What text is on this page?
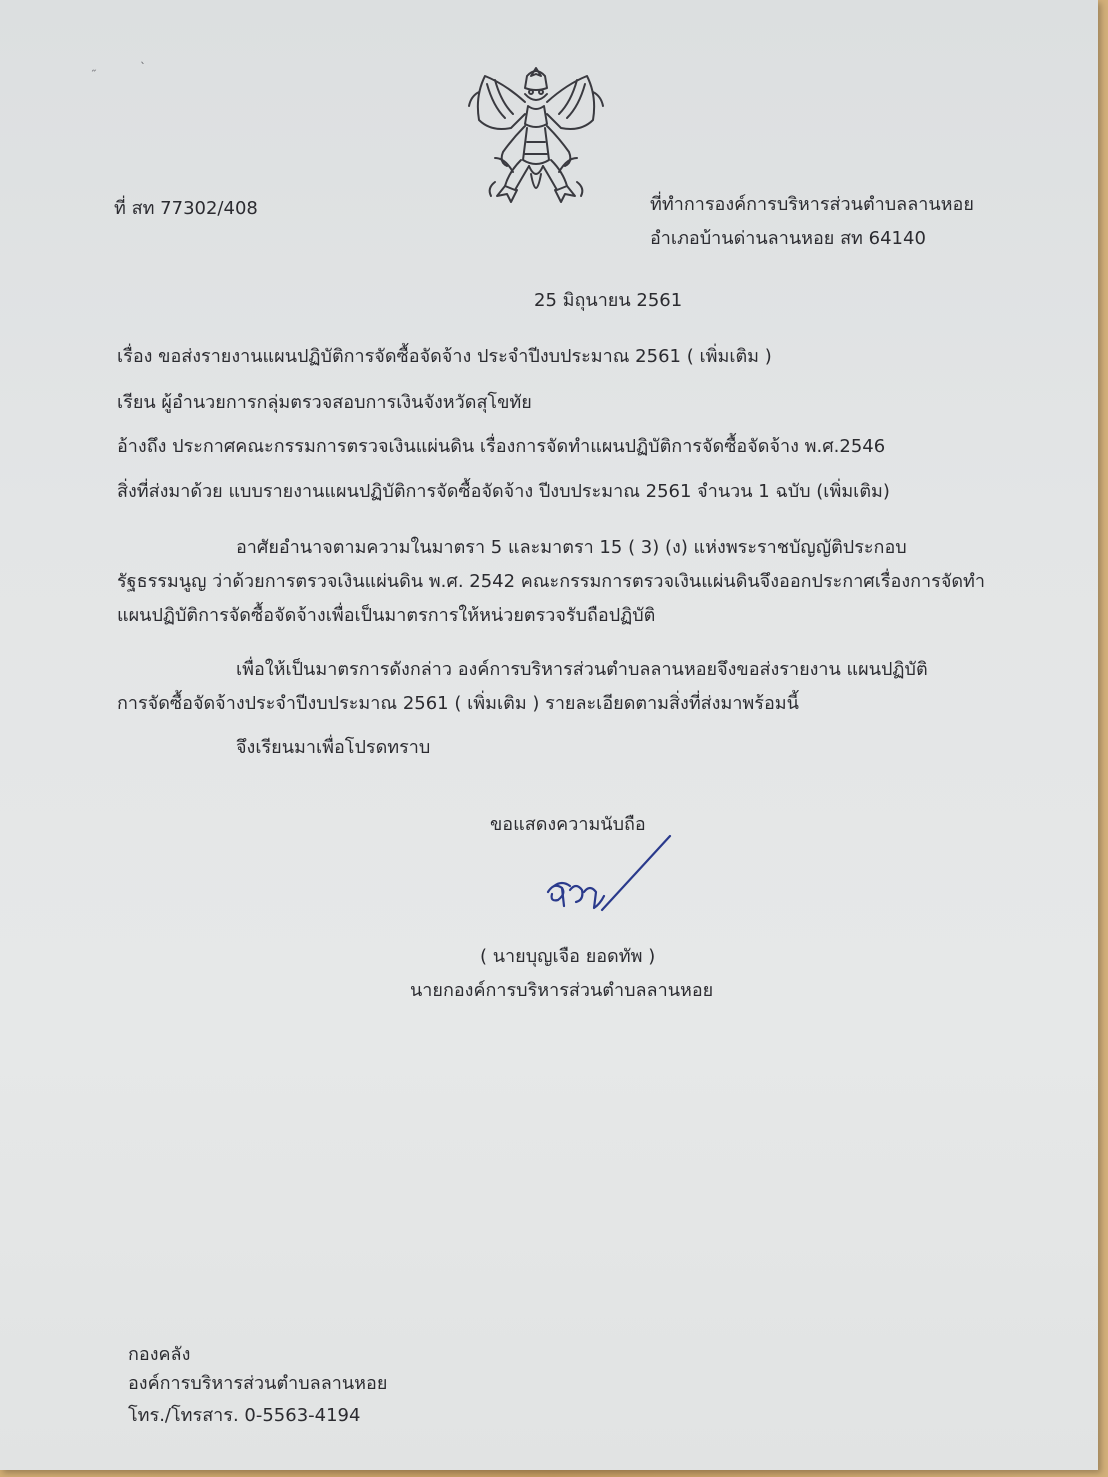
˶
ˎ
ที่ สท 77302/408	ที่ทำการองค์การบริหารส่วนตำบลลานหอย
อำเภอบ้านด่านลานหอย สท 64140
25 มิถุนายน 2561
เรื่อง ขอส่งรายงานแผนปฏิบัติการจัดซื้อจัดจ้าง ประจำปีงบประมาณ 2561 ( เพิ่มเติม )
เรียน ผู้อำนวยการกลุ่มตรวจสอบการเงินจังหวัดสุโขทัย
อ้างถึง ประกาศคณะกรรมการตรวจเงินแผ่นดิน เรื่องการจัดทำแผนปฏิบัติการจัดซื้อจัดจ้าง พ.ศ.2546
สิ่งที่ส่งมาด้วย แบบรายงานแผนปฏิบัติการจัดซื้อจัดจ้าง ปีงบประมาณ 2561 จำนวน 1 ฉบับ (เพิ่มเติม)
อาศัยอำนาจตามความในมาตรา 5 และมาตรา 15 ( 3) (ง) แห่งพระราชบัญญัติประกอบ
รัฐธรรมนูญ ว่าด้วยการตรวจเงินแผ่นดิน พ.ศ. 2542 คณะกรรมการตรวจเงินแผ่นดินจึงออกประกาศเรื่องการจัดทำ
แผนปฏิบัติการจัดซื้อจัดจ้างเพื่อเป็นมาตรการให้หน่วยตรวจรับถือปฏิบัติ
เพื่อให้เป็นมาตรการดังกล่าว องค์การบริหารส่วนตำบลลานหอยจึงขอส่งรายงาน แผนปฏิบัติ
การจัดซื้อจัดจ้างประจำปีงบประมาณ 2561 ( เพิ่มเติม ) รายละเอียดตามสิ่งที่ส่งมาพร้อมนี้
จึงเรียนมาเพื่อโปรดทราบ
ขอแสดงความนับถือ
( นายบุญเจือ ยอดทัพ )
นายกองค์การบริหารส่วนตำบลลานหอย
กองคลัง
องค์การบริหารส่วนตำบลลานหอย
โทร./โทรสาร. 0-5563-4194
